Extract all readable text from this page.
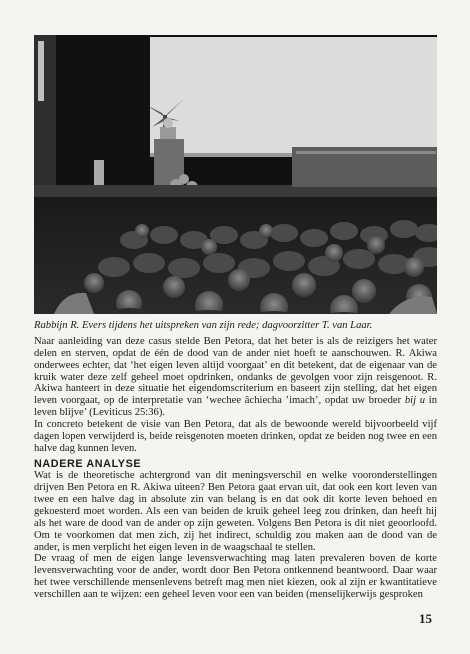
Rabbijn R. Evers tijdens het uitspreken van zijn rede; dagvoorzitter T. van Laar.

Naar aanleiding van deze casus stelde Ben Petora, dat het beter is als de reizigers het water delen en sterven, opdat de één de dood van de ander niet hoeft te aanschouwen. R. Akiwa onderwees echter, dat ‘het eigen leven altijd voorgaat’ en dit betekent, dat de eigenaar van de kruik water deze zelf geheel moet opdrinken, ondanks de gevolgen voor zijn reisgenoot. R. Akiwa hanteert in deze situatie het eigendomscriterium en baseert zijn stelling, dat het eigen leven voorgaat, op de interpretatie van ‘wechee âchiecha ’imach’, opdat uw broeder bij u in leven blijve’ (Leviticus 25:36).

In concreto betekent de visie van Ben Petora, dat als de bewoonde wereld bijvoorbeeld vijf dagen lopen verwijderd is, beide reisgenoten moeten drinken, opdat ze beiden nog twee en een halve dag kunnen leven.

NADERE ANALYSE

Wat is de theoretische achtergrond van dit meningsverschil en welke vooronderstellingen drijven Ben Petora en R. Akiwa uiteen? Ben Petora gaat ervan uit, dat ook een kort leven van twee en een halve dag in absolute zin van belang is en dat ook dit korte leven behoed en gekoesterd moet worden. Als een van beiden de kruik geheel leeg zou drinken, dan heeft hij als het ware de dood van de ander op zijn geweten. Volgens Ben Petora is dit niet geoorloofd. Om te voorkomen dat men zich, zij het indirect, schuldig zou maken aan de dood van de ander, is men verplicht het eigen leven in de waagschaal te stellen.

De vraag of men de eigen lange levensverwachting mag laten prevaleren boven de korte levensverwachting voor de ander, wordt door Ben Petora ontkennend beantwoord. Daar waar het twee verschillende mensenlevens betreft mag men niet kiezen, ook al zijn er kwantitatieve verschillen aan te wijzen: een geheel leven voor een van beiden (menselijkerwijs gesproken

15
